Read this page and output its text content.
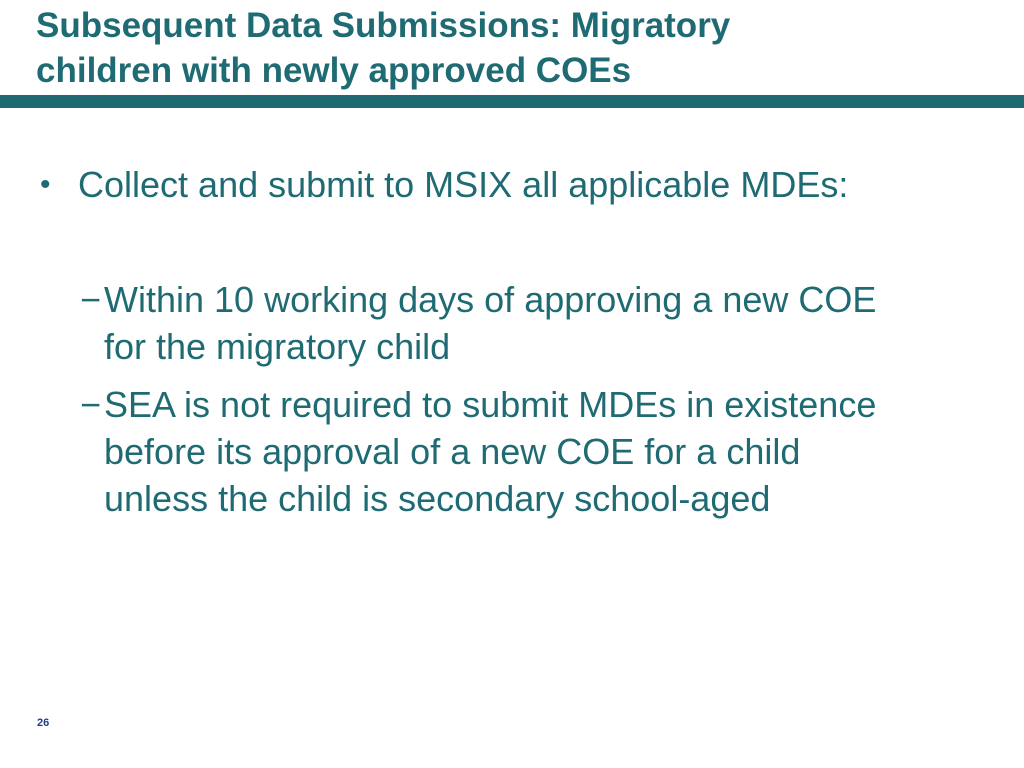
Subsequent Data Submissions: Migratory
children with newly approved COEs
• Collect and submit to MSIX all applicable MDEs:
− Within 10 working days of approving a new COE
for the migratory child
− SEA is not required to submit MDEs in existence
before its approval of a new COE for a child
unless the child is secondary school-aged
26
